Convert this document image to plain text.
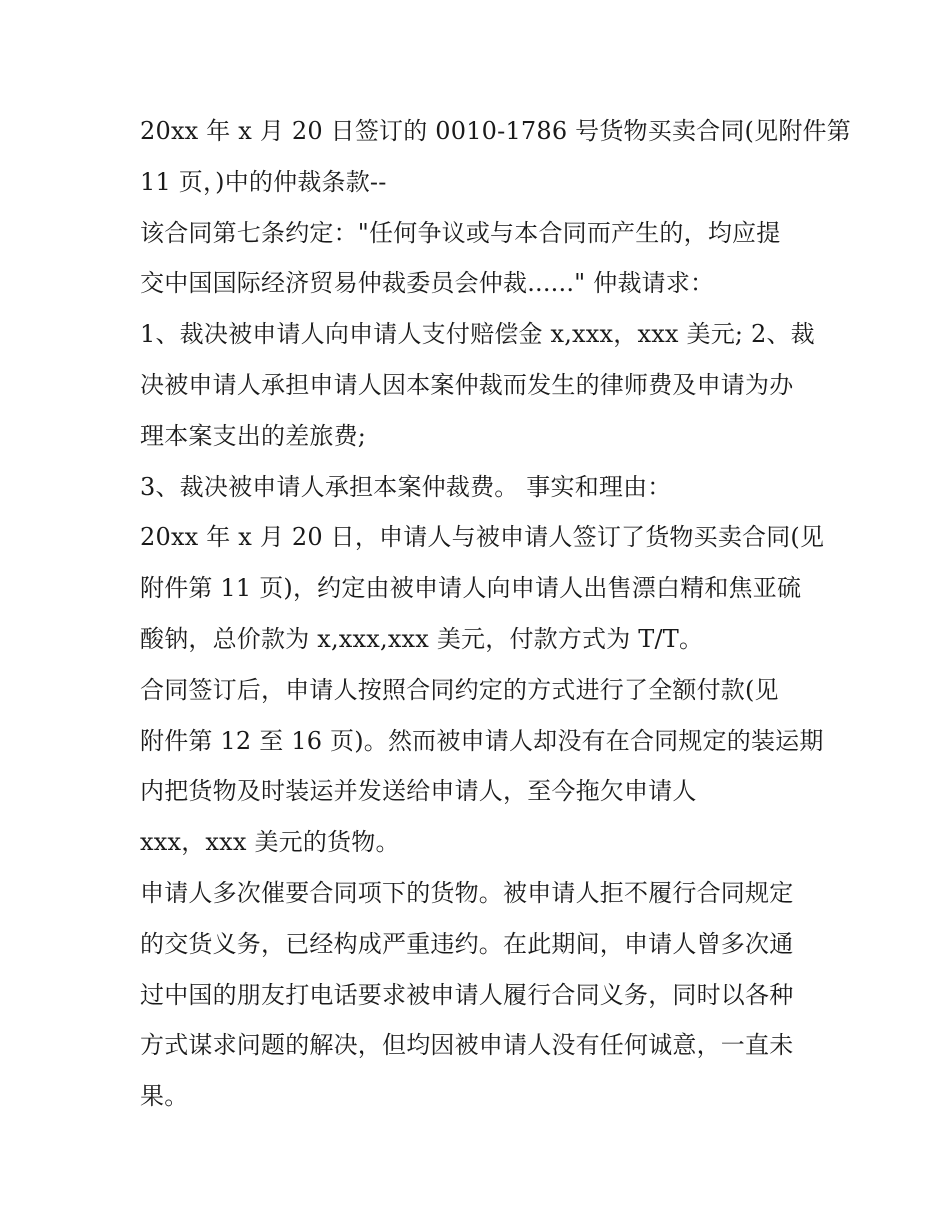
20xx 年 x 月 20 日签订的 0010-1786 号货物买卖合同(见附件第
11 页，)中的仲裁条款--
该合同第七条约定："任何争议或与本合同而产生的，均应提
交中国国际经济贸易仲裁委员会仲裁......" 仲裁请求：
1、裁决被申请人向申请人支付赔偿金 x,xxx，xxx 美元; 2、裁
决被申请人承担申请人因本案仲裁而发生的律师费及申请为办
理本案支出的差旅费;
3、裁决被申请人承担本案仲裁费。 事实和理由：
20xx 年 x 月 20 日，申请人与被申请人签订了货物买卖合同(见
附件第 11 页)，约定由被申请人向申请人出售漂白精和焦亚硫
酸钠，总价款为 x,xxx,xxx 美元，付款方式为 T/T。
合同签订后，申请人按照合同约定的方式进行了全额付款(见
附件第 12 至 16 页)。然而被申请人却没有在合同规定的装运期
内把货物及时装运并发送给申请人，至今拖欠申请人
xxx，xxx 美元的货物。
申请人多次催要合同项下的货物。被申请人拒不履行合同规定
的交货义务，已经构成严重违约。在此期间，申请人曾多次通
过中国的朋友打电话要求被申请人履行合同义务，同时以各种
方式谋求问题的解决，但均因被申请人没有任何诚意，一直未
果。
